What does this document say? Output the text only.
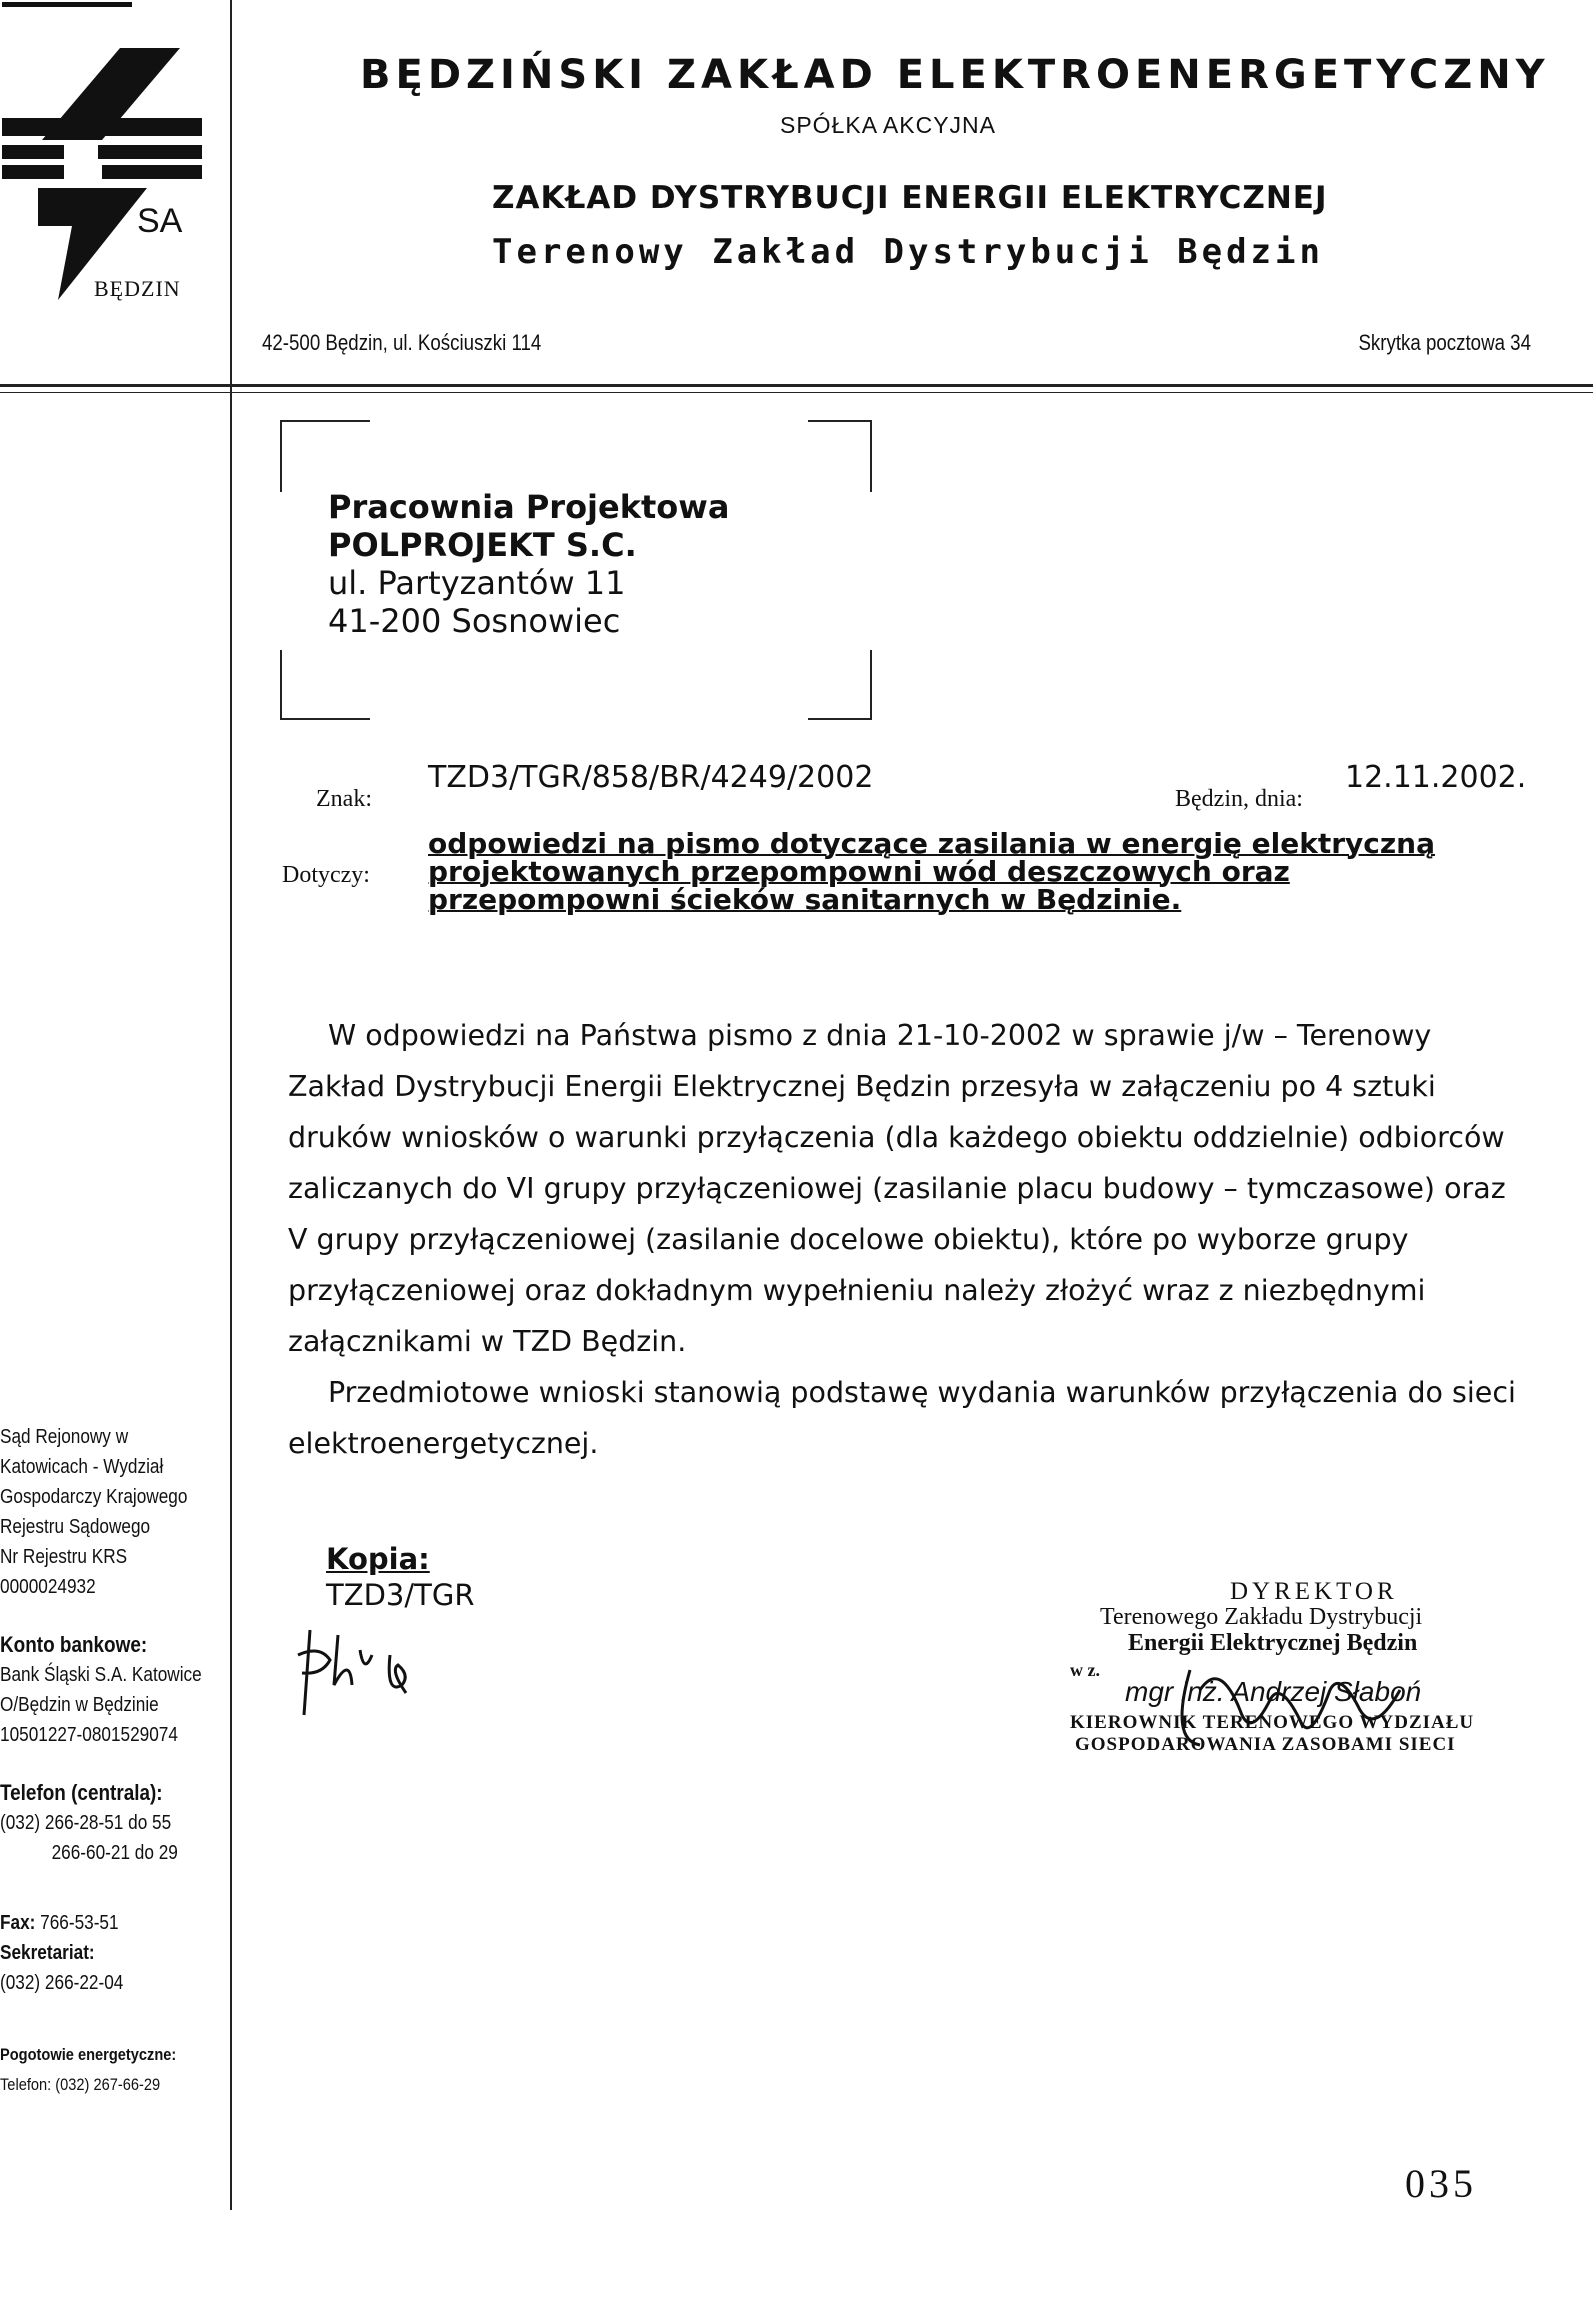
SA
BĘDZIN
BĘDZIŃSKI ZAKŁAD ELEKTROENERGETYCZNY
SPÓŁKA AKCYJNA
ZAKŁAD DYSTRYBUCJI ENERGII ELEKTRYCZNEJ
Terenowy Zakład Dystrybucji Będzin
42-500 Będzin, ul. Kościuszki 114	Skrytka pocztowa 34
Pracownia Projektowa
POLPROJEKT S.C.
ul. Partyzantów 11
41-200 Sosnowiec
Znak:
TZD3/TGR/858/BR/4249/2002
Będzin, dnia:
12.11.2002.
Dotyczy:
odpowiedzi na pismo dotyczące zasilania w energię elektryczną
projektowanych przepompowni wód deszczowych oraz
przepompowni ścieków sanitarnych w Będzinie.

W odpowiedzi na Państwa pismo z dnia 21-10-2002 w sprawie j/w – Terenowy

Zakład Dystrybucji Energii Elektrycznej Będzin przesyła w załączeniu po 4 sztuki

druków wniosków o warunki przyłączenia (dla każdego obiektu oddzielnie) odbiorców

zaliczanych do VI grupy przyłączeniowej (zasilanie placu budowy – tymczasowe) oraz

V grupy przyłączeniowej (zasilanie docelowe obiektu), które po wyborze grupy

przyłączeniowej oraz dokładnym wypełnieniu należy złożyć wraz z niezbędnymi

załącznikami w TZD Będzin.

Przedmiotowe wnioski stanowią podstawę wydania warunków przyłączenia do sieci

elektroenergetycznej.

Kopia:
TZD3/TGR	DYREKTOR
Terenowego Zakładu Dystrybucji
Energii Elektrycznej Będzin
w z.
mgr inż. Andrzej Słaboń
KIEROWNIK TERENOWEGO WYDZIAŁU
GOSPODAROWANIA ZASOBAMI SIECI
Sąd Rejonowy w
Katowicach - Wydział
Gospodarczy Krajowego
Rejestru Sądowego
Nr Rejestru KRS
0000024932
Konto bankowe:
Bank Śląski S.A. Katowice
O/Będzin w Będzinie
10501227-0801529074
Telefon (centrala):
(032) 266-28-51 do 55
266-60-21 do 29
Fax: 766-53-51
Sekretariat:
(032) 266-22-04
Pogotowie energetyczne:
Telefon: (032) 267-66-29
035
